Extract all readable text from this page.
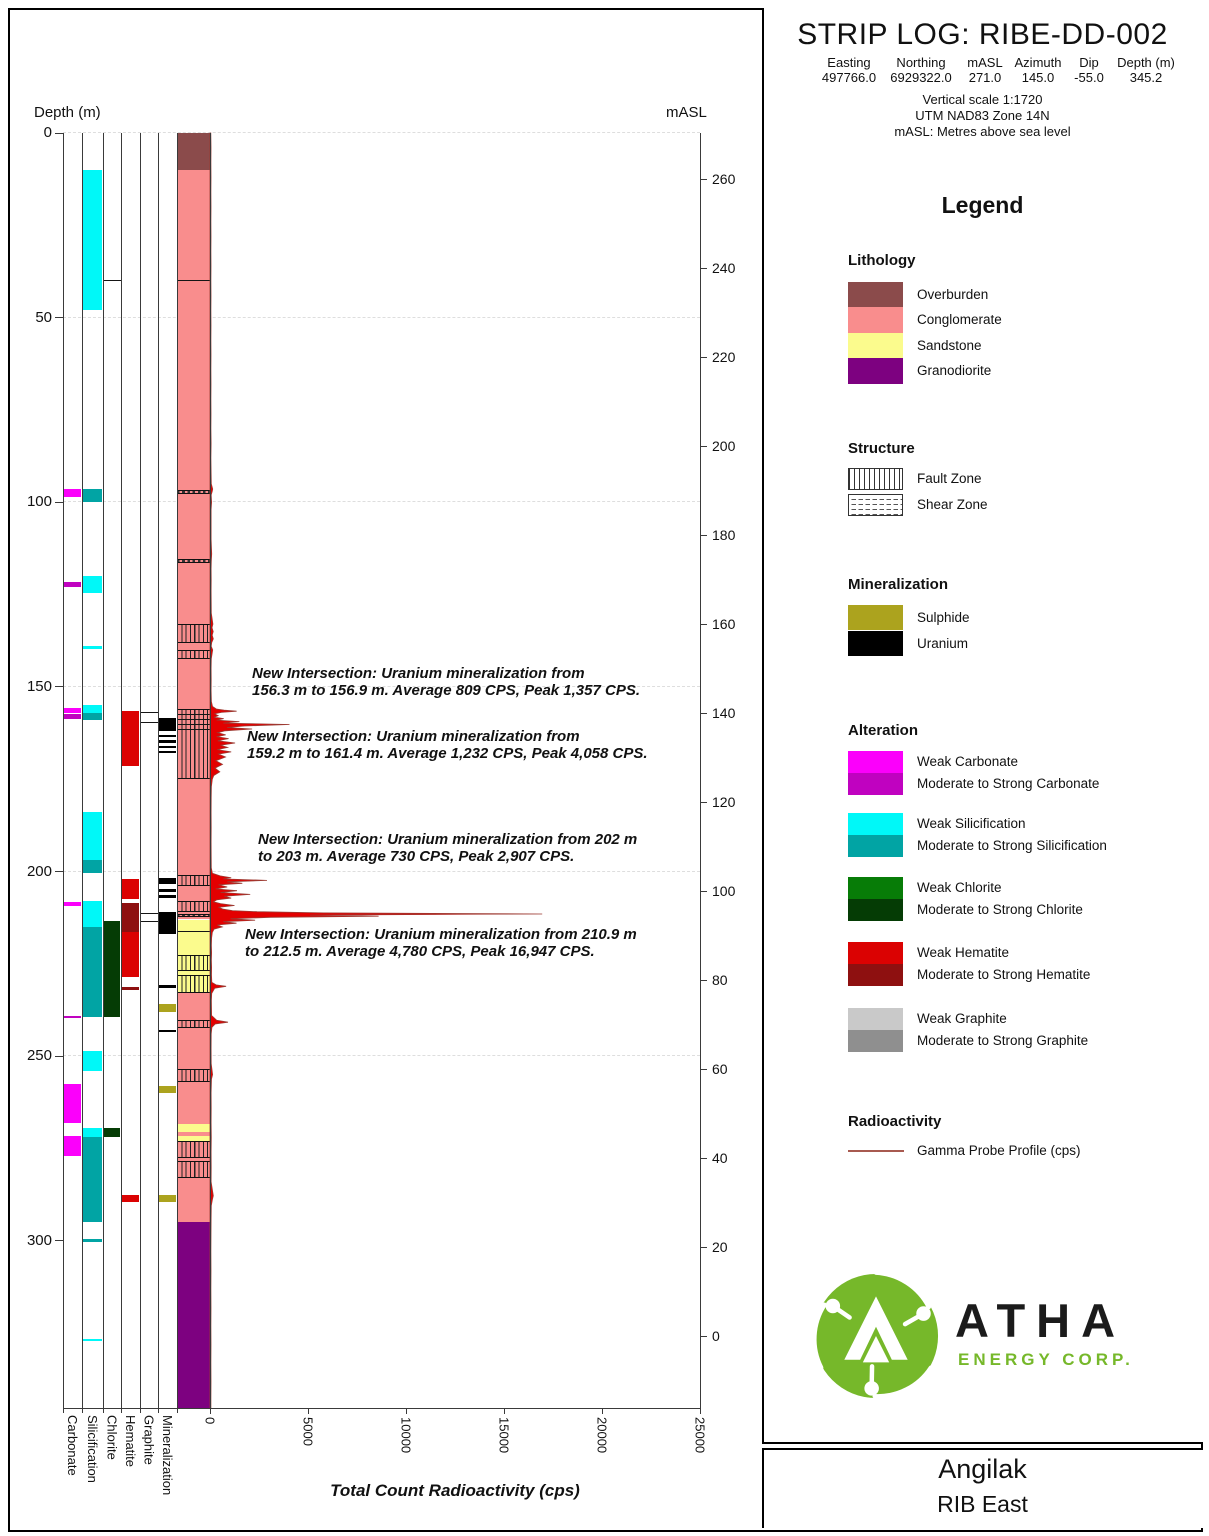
0
50
100
150
200
250
300
260
240
220
200
180
160
140
120
100
80
60
40
20
0
0	5000	10000	15000	20000	25000
Carbonate Silicification Chlorite Hematite Graphite Mineralization
Depth (m)	mASL
Total Count Radioactivity (cps)
STRIP LOG: RIBE-DD-002
Vertical scale 1:1720
UTM NAD83 Zone 14N
mASL: Metres above sea level
Legend
ATHA
ENERGY CORP.
Angilak
RIB East
New Intersection: Uranium mineralization from
156.3 m to 156.9 m. Average 809 CPS, Peak 1,357 CPS.
New Intersection: Uranium mineralization from
159.2 m to 161.4 m. Average 1,232 CPS, Peak 4,058 CPS.
New Intersection: Uranium mineralization from 202 m
to 203 m. Average 730 CPS, Peak 2,907 CPS.
New Intersection: Uranium mineralization from 210.9 m
to 212.5 m. Average 4,780 CPS, Peak 16,947 CPS.
Lithology
Overburden
Conglomerate
Sandstone
Granodiorite
Structure
Fault Zone
Shear Zone
Mineralization
Sulphide
Uranium
Alteration
Weak Carbonate
Moderate to Strong Carbonate
Weak Silicification
Moderate to Strong Silicification
Weak Chlorite
Moderate to Strong Chlorite
Weak Hematite
Moderate to Strong Hematite
Weak Graphite
Moderate to Strong Graphite
Radioactivity
Gamma Probe Profile (cps)
Easting
497766.0
Northing
6929322.0
mASL
271.0
Azimuth
145.0
Dip
-55.0
Depth (m)
345.2
